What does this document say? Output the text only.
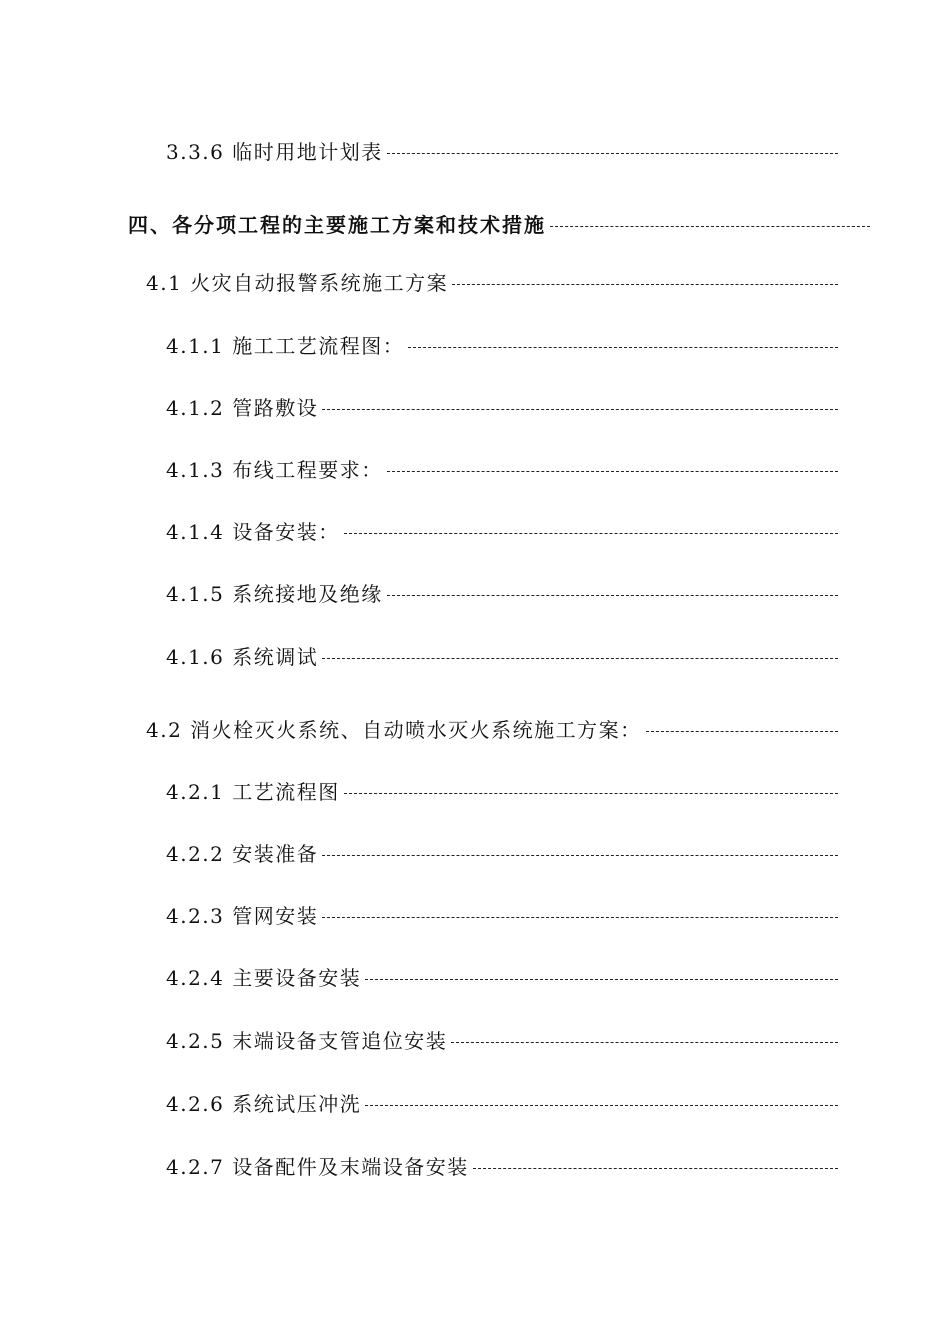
3.3.6 临时用地计划表
四、各分项工程的主要施工方案和技术措施
4.1 火灾自动报警系统施工方案
4.1.1 施工工艺流程图：
4.1.2 管路敷设
4.1.3 布线工程要求：
4.1.4 设备安装：
4.1.5 系统接地及绝缘
4.1.6 系统调试
4.2 消火栓灭火系统、自动喷水灭火系统施工方案：
4.2.1 工艺流程图
4.2.2 安装准备
4.2.3 管网安装
4.2.4 主要设备安装
4.2.5 末端设备支管追位安装
4.2.6 系统试压冲洗
4.2.7 设备配件及末端设备安装
